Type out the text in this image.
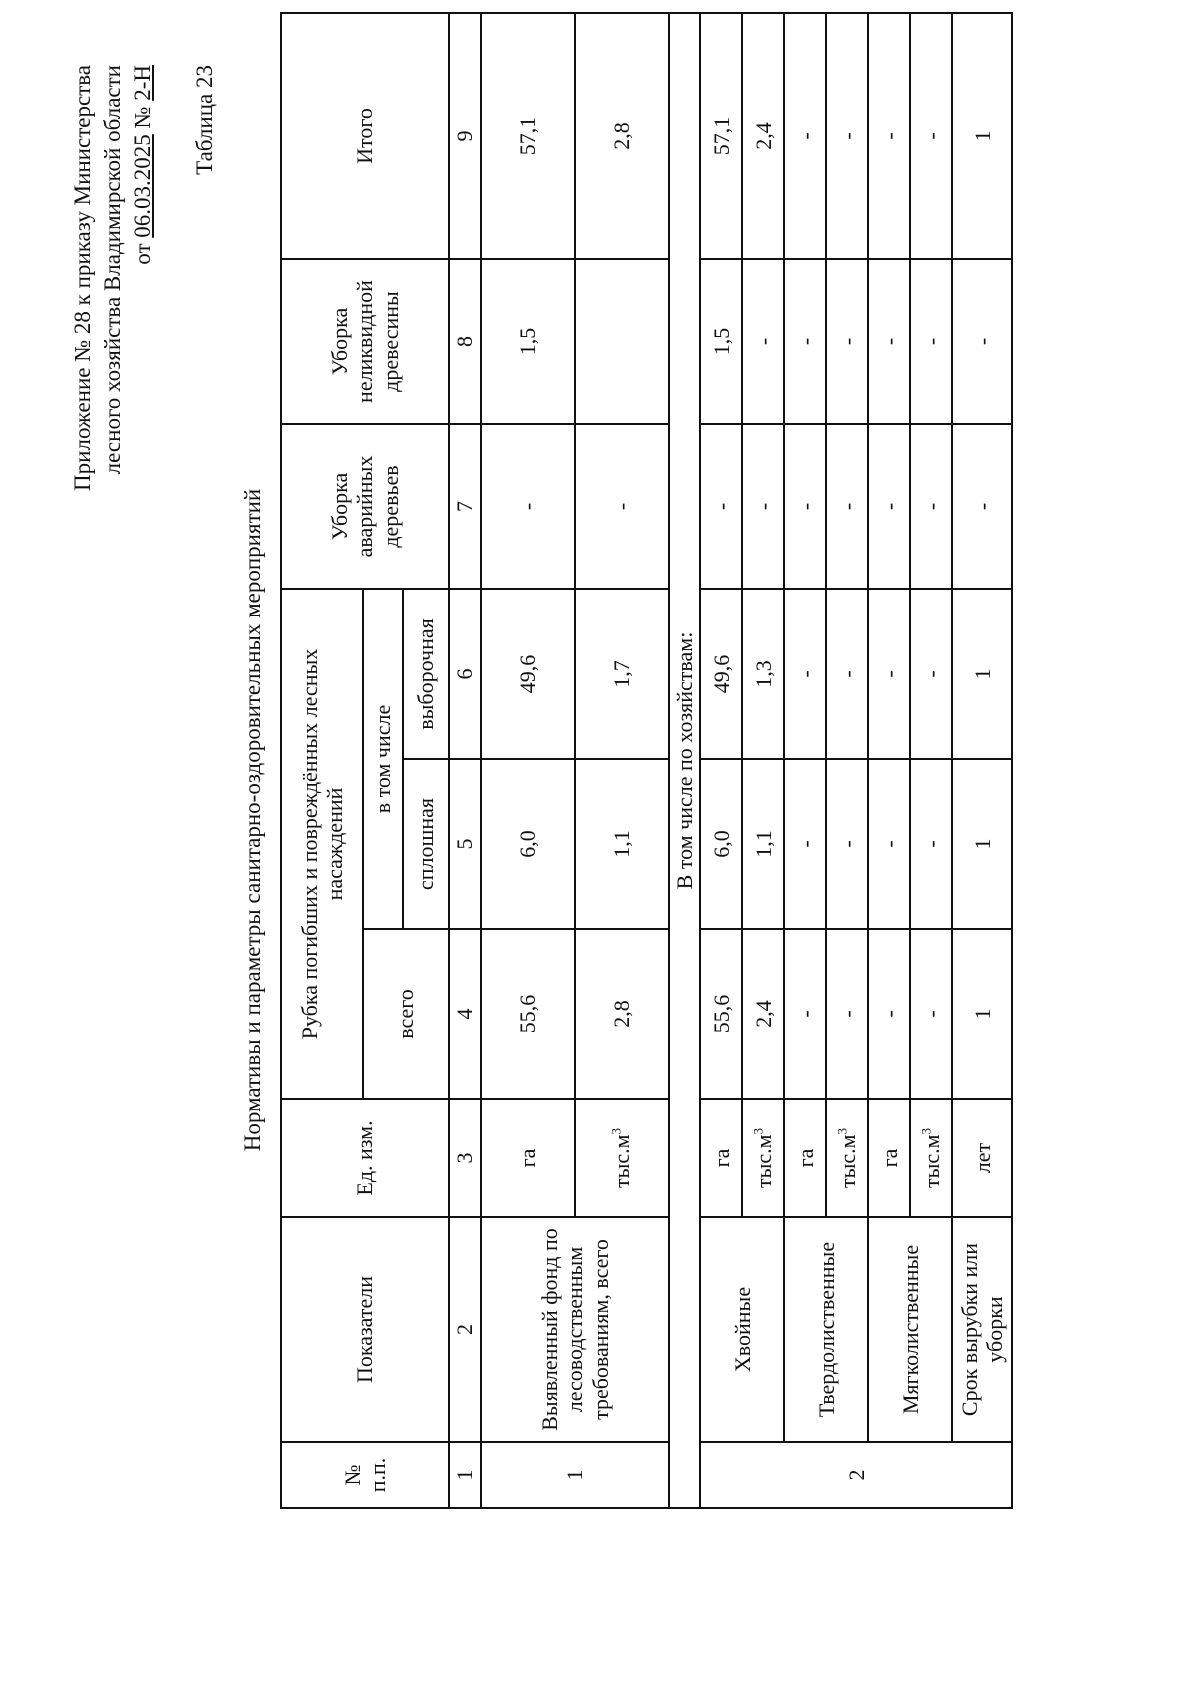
Приложение № 28 к приказу Министерства лесного хозяйства Владимирской области от 06.03.2025 № 2-Н Таблица 23
Нормативы и параметры санитарно-оздоровительных мероприятий
№ п.п.	Показатели	Ед. изм.	Рубка погибших и повреждённых лесных насаждений			Уборка аварийных деревьев	Уборка неликвидной древесины	Итого
			всего	в том числе				
				сплошная	выборочная			
1	2	3	4	5	6	7	8	9
1	Выявленный фонд по лесоводственным требованиям, всего	га	55,6	6,0	49,6	-	1,5	57,1
		$тыс.м^3$	2,8	1,1	1,7	-		2,8
В том числе по хозяйствам:								
2	Хвойные	га	55,6	6,0	49,6	-	1,5	57,1
		$тыс.м^3$	2,4	1,1	1,3	-	-	2,4
	Твердолиственные	га	-	-	-	-	-	-
		$тыс.м^3$	-	-	-	-	-	-
	Мягколиственные	га	-	-	-	-	-	-
		$тыс.м^3$	-	-	-	-	-	-
	Срок вырубки или уборки	лет	1	1	1	-	-	1
